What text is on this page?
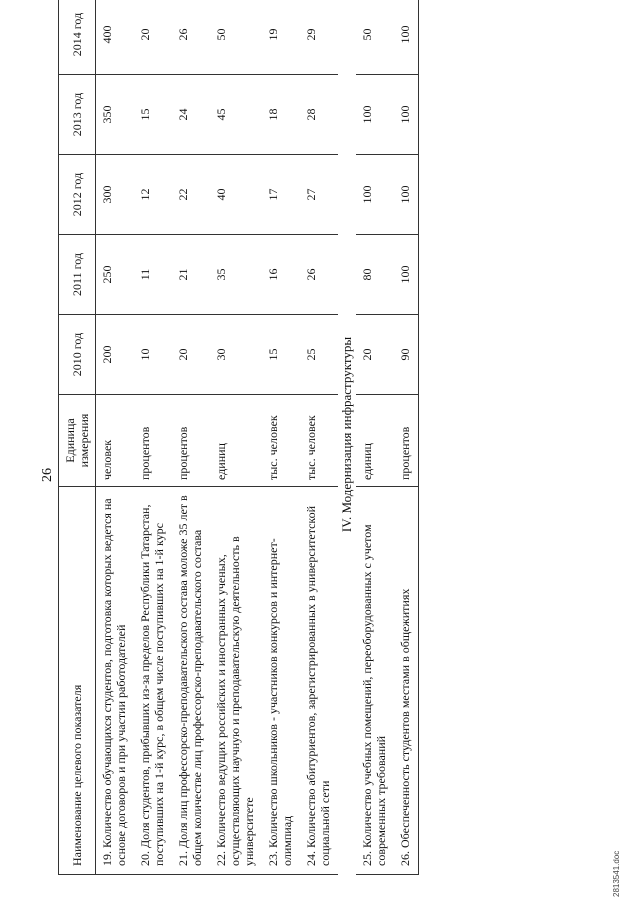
26
Наименование целевого показателя	Единица измерения	2010 год	2011 год	2012 год	2013 год	2014 год
19. Количество обучающихся студентов, подготовка которых ведется на основе договоров и при участии работодателей	человек	200	250	300	350	400
20. Доля студентов, прибывших из-за пределов Республики Татарстан, поступивших на 1-й курс, в общем числе поступивших на 1-й курс	процентов	10	11	12	15	20
21. Доля лиц профессорско-преподавательского состава моложе 35 лет в общем количестве лиц профессорско-преподавательского состава	процентов	20	21	22	24	26
22. Количество ведущих российских и иностранных ученых, осуществляющих научную и преподавательскую деятельность в университете	единиц	30	35	40	45	50
23. Количество школьников - участников конкурсов и интернет-олимпиад	тыс. человек	15	16	17	18	19
24. Количество абитуриентов, зарегистрированных в университетской социальной сети	тыс. человек	25	26	27	28	29
IV. Модернизация инфраструктуры						
25. Количество учебных помещений, переоборудованных с учетом современных требований	единиц	20	80	100	100	50
26. Обеспеченность студентов местами в общежитиях	процентов	90	100	100	100	100
2813541.doc
